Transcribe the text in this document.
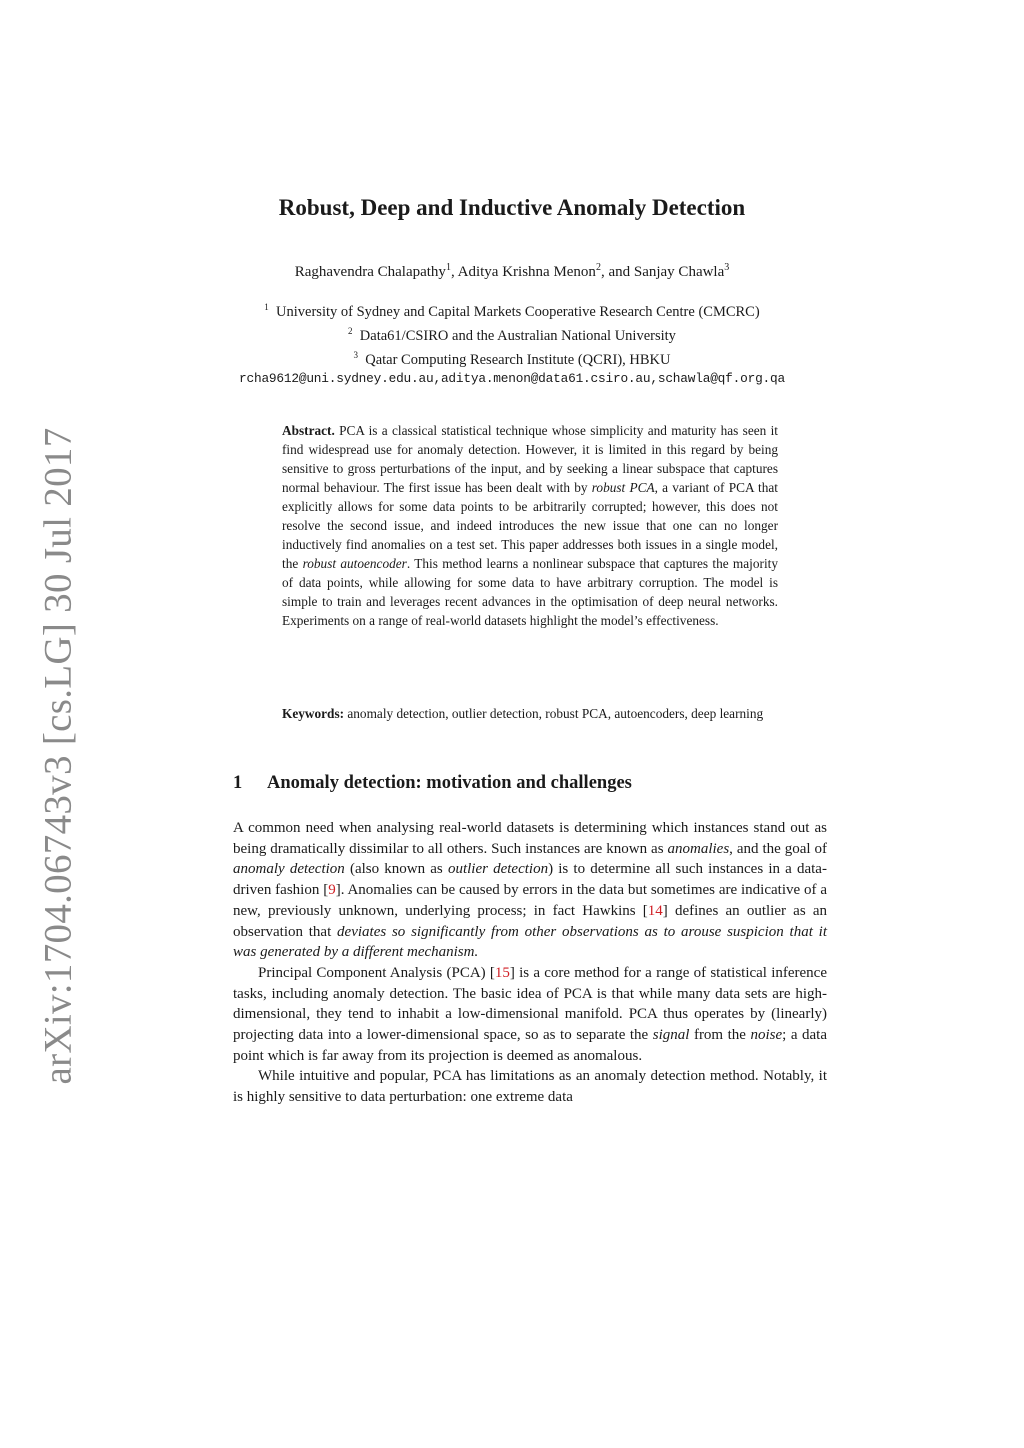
arXiv:1704.06743v3 [cs.LG] 30 Jul 2017
Robust, Deep and Inductive Anomaly Detection

Raghavendra Chalapathy$^1$, Aditya Krishna Menon$^2$, and Sanjay Chawla$^3$

$^1$ University of Sydney and Capital Markets Cooperative Research Centre (CMCRC)
$^2$ Data61/CSIRO and the Australian National University
$^3$ Qatar Computing Research Institute (QCRI), HBKU
rcha9612@uni.sydney.edu.au,aditya.menon@data61.csiro.au,schawla@qf.org.qa

Abstract. PCA is a classical statistical technique whose simplicity and maturity has seen it find widespread use for anomaly detection. However, it is limited in this regard by being sensitive to gross perturbations of the input, and by seeking a linear subspace that captures normal behaviour. The first issue has been dealt with by robust PCA, a variant of PCA that explicitly allows for some data points to be arbitrarily corrupted; however, this does not resolve the second issue, and indeed introduces the new issue that one can no longer inductively find anomalies on a test set. This paper addresses both issues in a single model, the robust autoencoder. This method learns a nonlinear subspace that captures the majority of data points, while allowing for some data to have arbitrary corruption. The model is simple to train and leverages recent advances in the optimisation of deep neural networks. Experiments on a range of real-world datasets highlight the model’s effectiveness.

Keywords: anomaly detection, outlier detection, robust PCA, autoencoders, deep learning

1 Anomaly detection: motivation and challenges

A common need when analysing real-world datasets is determining which instances stand out as being dramatically dissimilar to all others. Such instances are known as anomalies, and the goal of anomaly detection (also known as outlier detection) is to determine all such instances in a data-driven fashion [9]. Anomalies can be caused by errors in the data but sometimes are indicative of a new, previously unknown, underlying process; in fact Hawkins [14] defines an outlier as an observation that deviates so significantly from other observations as to arouse suspicion that it was generated by a different mechanism.

Principal Component Analysis (PCA) [15] is a core method for a range of statistical inference tasks, including anomaly detection. The basic idea of PCA is that while many data sets are high-dimensional, they tend to inhabit a low-dimensional manifold. PCA thus operates by (linearly) projecting data into a lower-dimensional space, so as to separate the signal from the noise; a data point which is far away from its projection is deemed as anomalous.

While intuitive and popular, PCA has limitations as an anomaly detection method. Notably, it is highly sensitive to data perturbation: one extreme data
